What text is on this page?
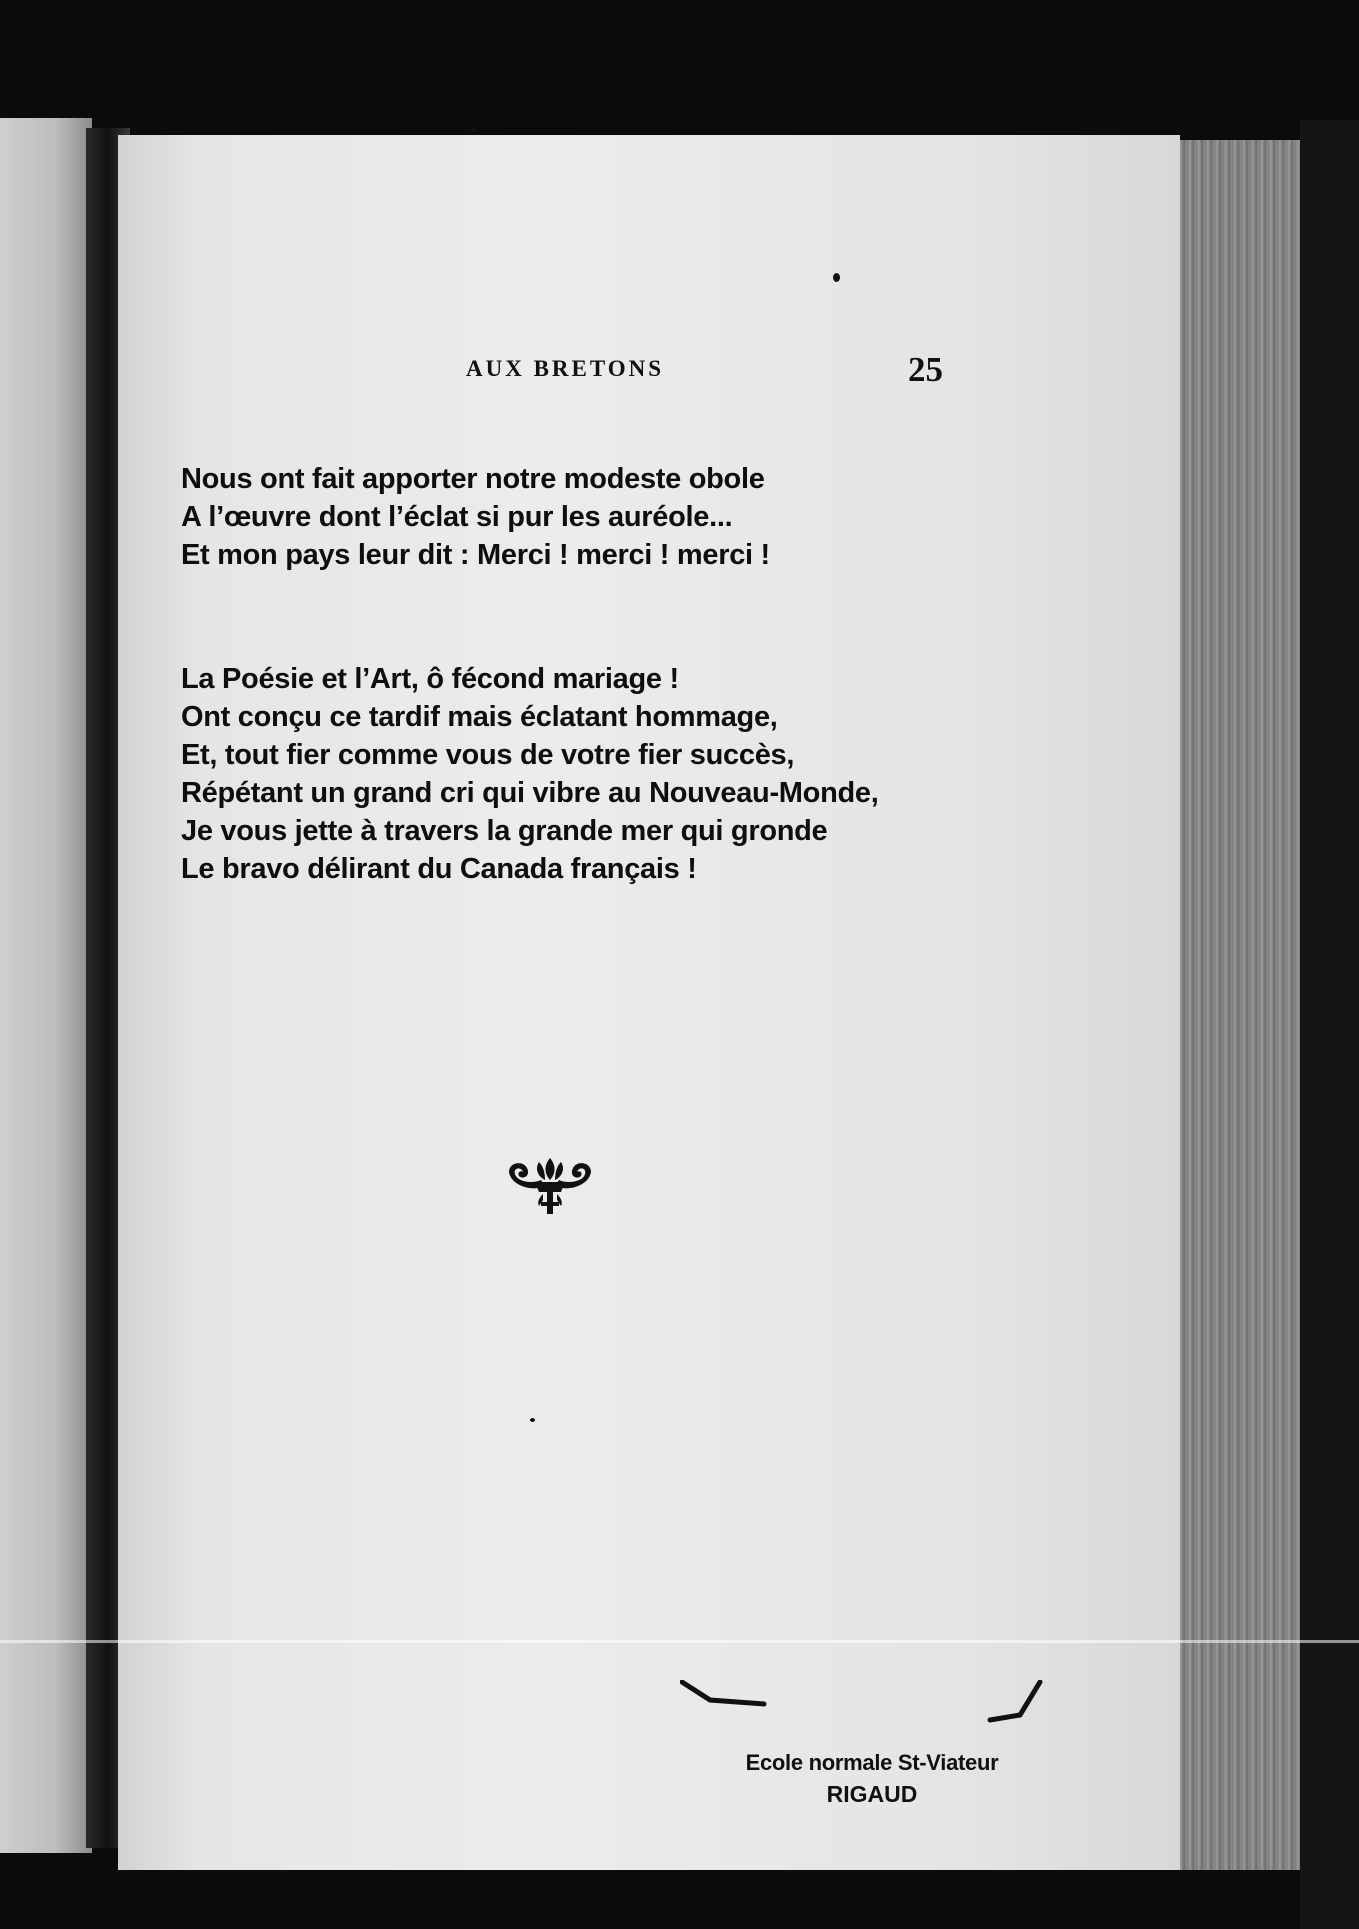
AUX BRETONS	25
Nous ont fait apporter notre modeste obole
A l’œuvre dont l’éclat si pur les auréole...
Et mon pays leur dit : Merci ! merci ! merci !
La Poésie et l’Art, ô fécond mariage !
Ont conçu ce tardif mais éclatant hommage,
Et, tout fier comme vous de votre fier succès,
Répétant un grand cri qui vibre au Nouveau-Monde,
Je vous jette à travers la grande mer qui gronde
Le bravo délirant du Canada français !
Ecole normale St-Viateur
RIGAUD
